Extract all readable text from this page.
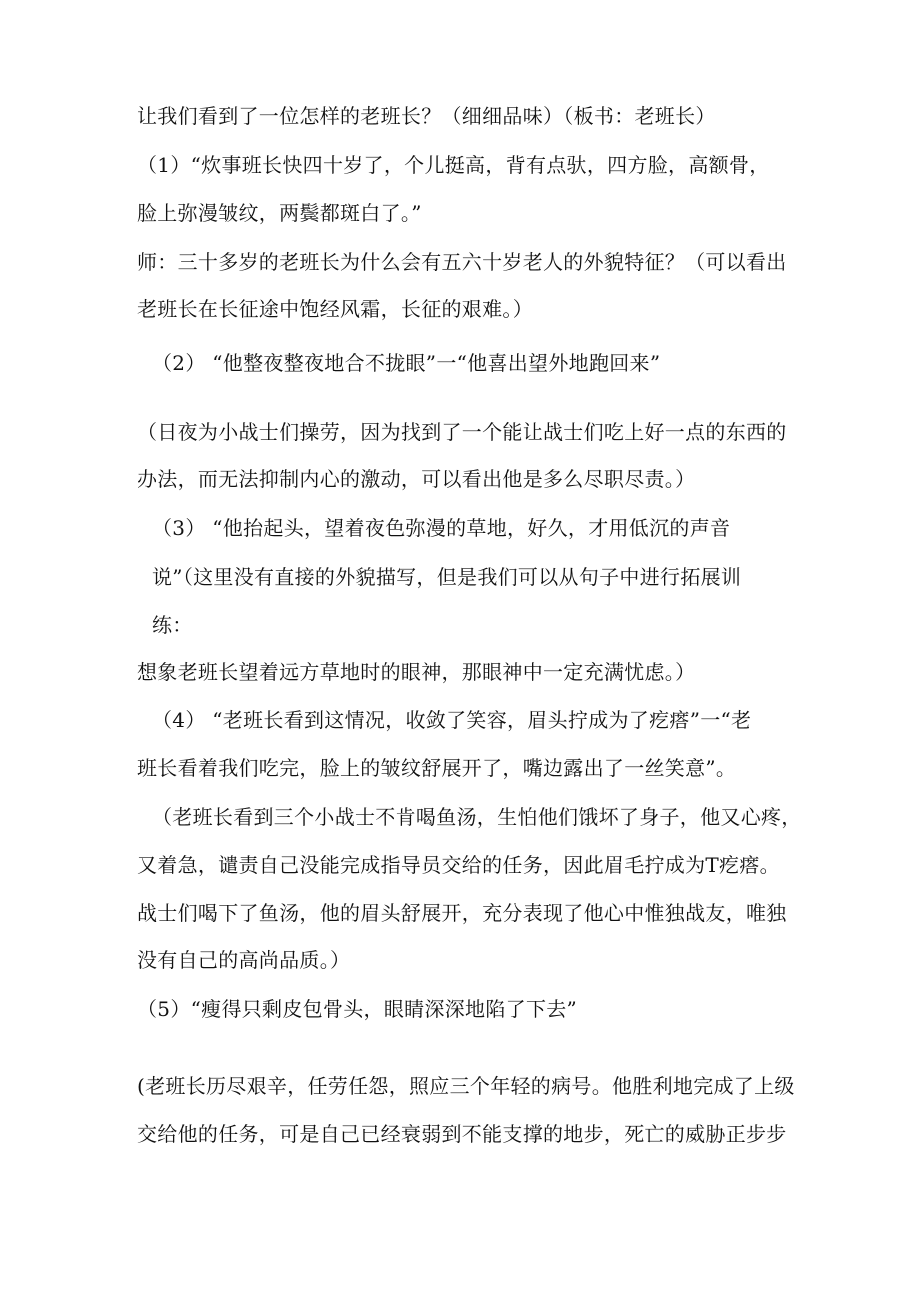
让我们看到了一位怎样的老班长？（细细品味）（板书：老班长）
（1）“炊事班长快四十岁了，个儿挺高，背有点驮，四方脸，高额骨，
脸上弥漫皱纹，两鬓都斑白了。”
师：三十多岁的老班长为什么会有五六十岁老人的外貌特征？（可以看出
老班长在长征途中饱经风霜，长征的艰难。）
（2） “他整夜整夜地合不拢眼”一“他喜出望外地跑回来”
（日夜为小战士们操劳，因为找到了一个能让战士们吃上好一点的东西的
办法，而无法抑制内心的激动，可以看出他是多么尽职尽责。）
（3） “他抬起头，望着夜色弥漫的草地，好久，才用低沉的声音
说”（这里没有直接的外貌描写，但是我们可以从句子中进行拓展训
练：
想象老班长望着远方草地时的眼神，那眼神中一定充满忧虑。）
（4） “老班长看到这情况，收敛了笑容，眉头拧成为了疙瘩”一“老
班长看着我们吃完，脸上的皱纹舒展开了，嘴边露出了一丝笑意”。
（老班长看到三个小战士不肯喝鱼汤，生怕他们饿坏了身子，他又心疼，
又着急，谴责自己没能完成指导员交给的任务，因此眉毛拧成为T疙瘩。
战士们喝下了鱼汤，他的眉头舒展开，充分表现了他心中惟独战友，唯独
没有自己的高尚品质。）
（5）“瘦得只剩皮包骨头，眼睛深深地陷了下去”
(老班长历尽艰辛，任劳任怨，照应三个年轻的病号。他胜利地完成了上级
交给他的任务，可是自己已经衰弱到不能支撑的地步，死亡的威胁正步步
